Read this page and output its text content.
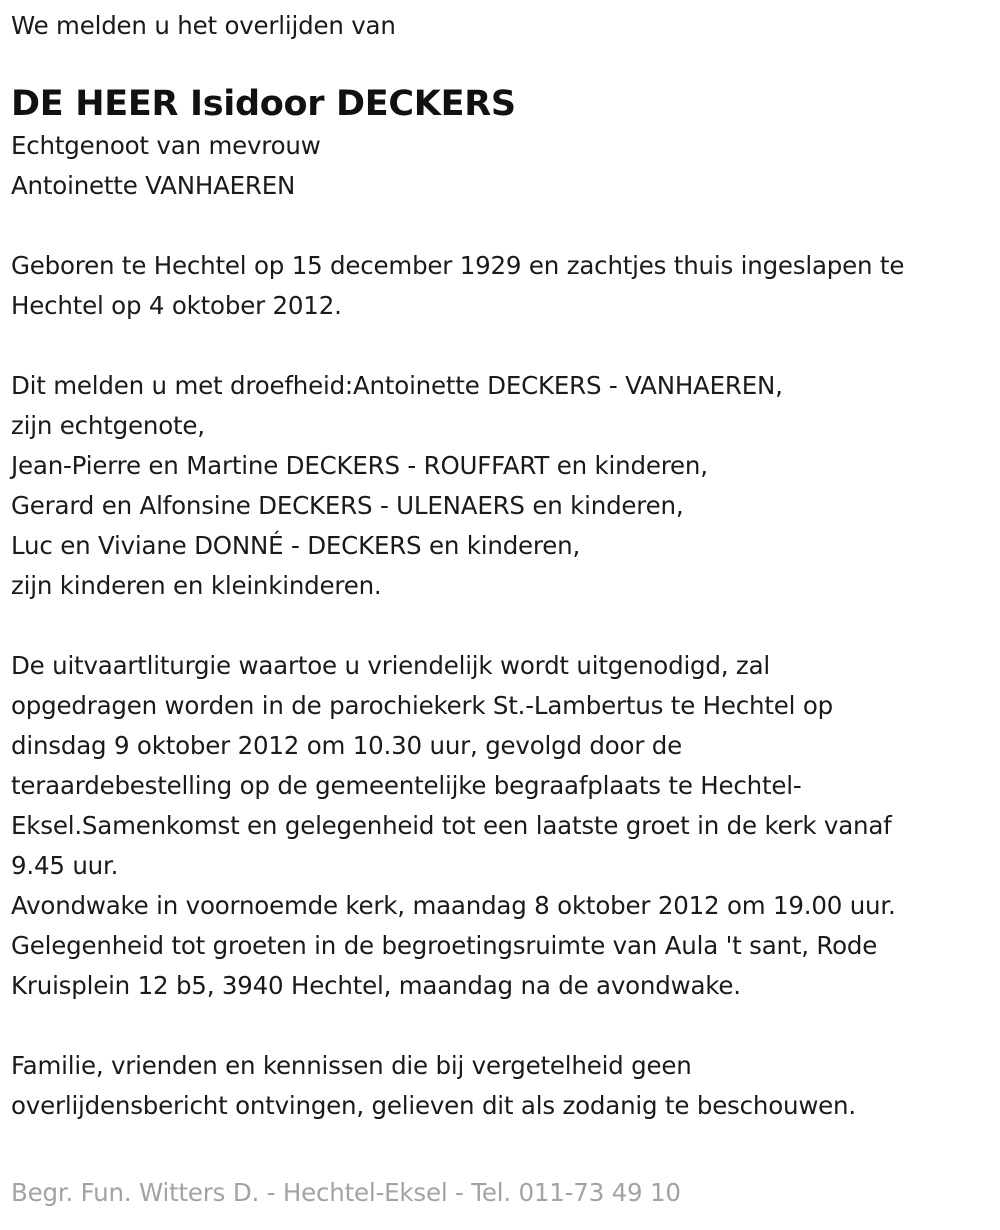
We melden u het overlijden van
DE HEER Isidoor DECKERS
Echtgenoot van mevrouw
Antoinette VANHAEREN
Geboren te Hechtel op 15 december 1929 en zachtjes thuis ingeslapen te
Hechtel op 4 oktober 2012.
Dit melden u met droefheid:Antoinette DECKERS - VANHAEREN,
zijn echtgenote,
Jean-Pierre en Martine DECKERS - ROUFFART en kinderen,
Gerard en Alfonsine DECKERS - ULENAERS en kinderen,
Luc en Viviane DONNÉ - DECKERS en kinderen,
zijn kinderen en kleinkinderen.
De uitvaartliturgie waartoe u vriendelijk wordt uitgenodigd, zal
opgedragen worden in de parochiekerk St.-Lambertus te Hechtel op
dinsdag 9 oktober 2012 om 10.30 uur, gevolgd door de
teraardebestelling op de gemeentelijke begraafplaats te Hechtel-
Eksel.Samenkomst en gelegenheid tot een laatste groet in de kerk vanaf
9.45 uur.
Avondwake in voornoemde kerk, maandag 8 oktober 2012 om 19.00 uur.
Gelegenheid tot groeten in de begroetingsruimte van Aula 't sant, Rode
Kruisplein 12 b5, 3940 Hechtel, maandag na de avondwake.
Familie, vrienden en kennissen die bij vergetelheid geen
overlijdensbericht ontvingen, gelieven dit als zodanig te beschouwen.
Begr. Fun. Witters D. - Hechtel-Eksel - Tel. 011-73 49 10
